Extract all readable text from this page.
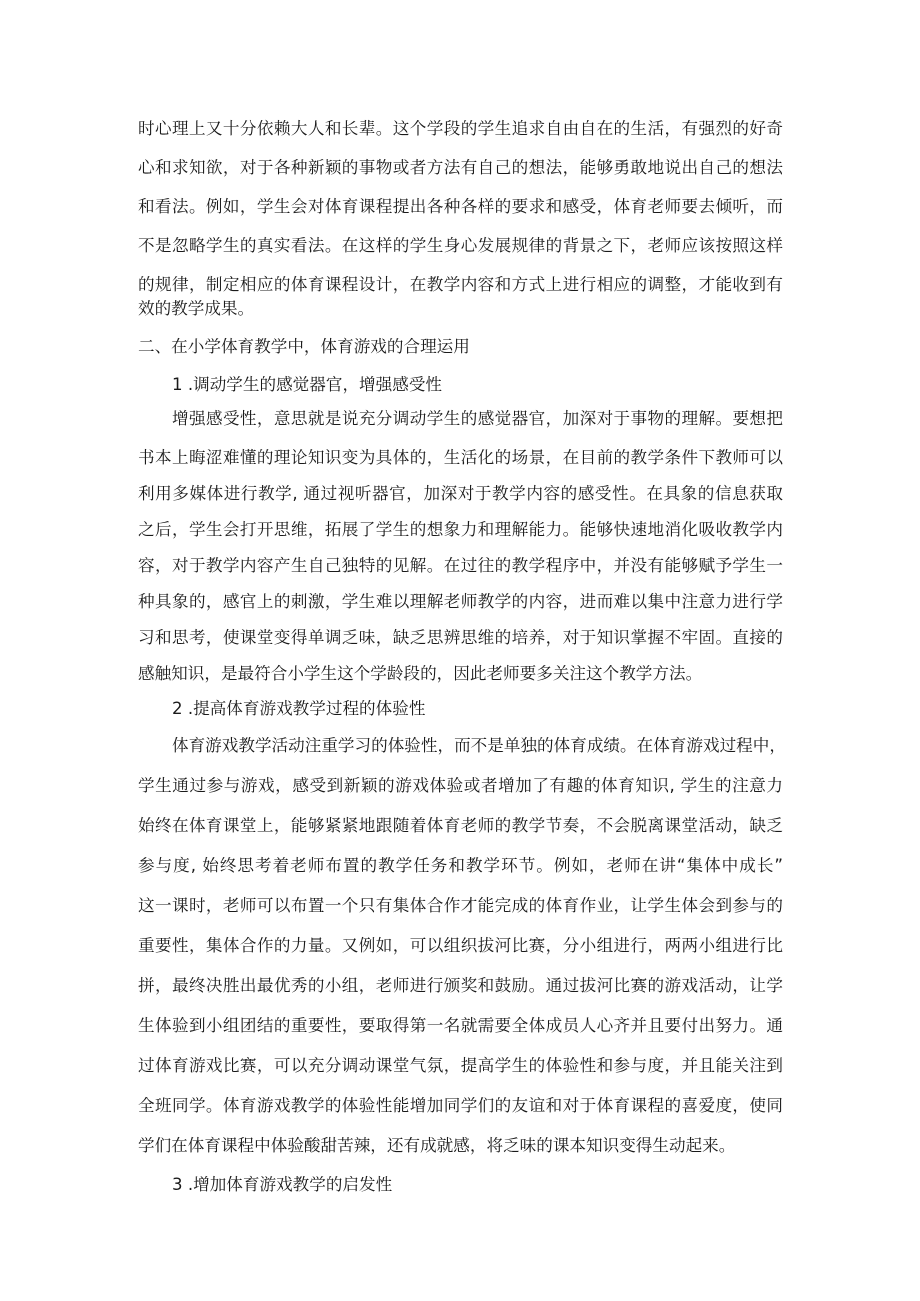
时心理上又十分依赖大人和长辈。这个学段的学生追求自由自在的生活，有强烈的好奇
心和求知欲，对于各种新颖的事物或者方法有自己的想法，能够勇敢地说出自己的想法
和看法。例如，学生会对体育课程提出各种各样的要求和感受，体育老师要去倾听，而
不是忽略学生的真实看法。在这样的学生身心发展规律的背景之下，老师应该按照这样
的规律，制定相应的体育课程设计，在教学内容和方式上进行相应的调整，才能收到有
效的教学成果。
二、在小学体育教学中，体育游戏的合理运用
1 .调动学生的感觉器官，增强感受性
增强感受性，意思就是说充分调动学生的感觉器官，加深对于事物的理解。要想把
书本上晦涩难懂的理论知识变为具体的，生活化的场景，在目前的教学条件下教师可以
利用多媒体进行教学, 通过视听器官，加深对于教学内容的感受性。在具象的信息获取
之后，学生会打开思维，拓展了学生的想象力和理解能力。能够快速地消化吸收教学内
容，对于教学内容产生自己独特的见解。在过往的教学程序中，并没有能够赋予学生一
种具象的，感官上的刺激，学生难以理解老师教学的内容，进而难以集中注意力进行学
习和思考，使课堂变得单调乏味，缺乏思辨思维的培养，对于知识掌握不牢固。直接的
感触知识，是最符合小学生这个学龄段的，因此老师要多关注这个教学方法。
2 .提高体育游戏教学过程的体验性
体育游戏教学活动注重学习的体验性，而不是单独的体育成绩。在体育游戏过程中，
学生通过参与游戏，感受到新颖的游戏体验或者增加了有趣的体育知识, 学生的注意力
始终在体育课堂上，能够紧紧地跟随着体育老师的教学节奏，不会脱离课堂活动，缺乏
参与度, 始终思考着老师布置的教学任务和教学环节。例如，老师在讲“集体中成长”
这一课时，老师可以布置一个只有集体合作才能完成的体育作业，让学生体会到参与的
重要性，集体合作的力量。又例如，可以组织拔河比赛，分小组进行，两两小组进行比
拼，最终决胜出最优秀的小组，老师进行颁奖和鼓励。通过拔河比赛的游戏活动，让学
生体验到小组团结的重要性，要取得第一名就需要全体成员人心齐并且要付出努力。通
过体育游戏比赛，可以充分调动课堂气氛，提高学生的体验性和参与度，并且能关注到
全班同学。体育游戏教学的体验性能增加同学们的友谊和对于体育课程的喜爱度，使同
学们在体育课程中体验酸甜苦辣，还有成就感，将乏味的课本知识变得生动起来。
3 .增加体育游戏教学的启发性
